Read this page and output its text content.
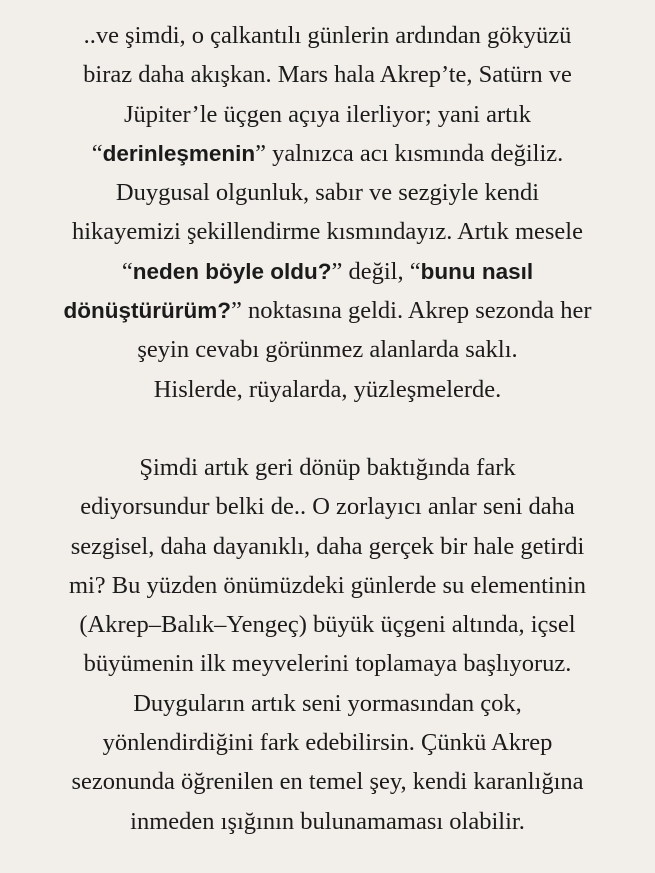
..ve şimdi, o çalkantılı günlerin ardından gökyüzü
biraz daha akışkan. Mars hala Akrep’te, Satürn ve
Jüpiter’le üçgen açıya ilerliyor; yani artık
“derinleşmenin” yalnızca acı kısmında değiliz.
Duygusal olgunluk, sabır ve sezgiyle kendi
hikayemizi şekillendirme kısmındayız. Artık mesele
“neden böyle oldu?” değil, “bunu nasıl
dönüştürürüm?” noktasına geldi. Akrep sezonda her
şeyin cevabı görünmez alanlarda saklı.
Hislerde, rüyalarda, yüzleşmelerde.
Şimdi artık geri dönüp baktığında fark
ediyorsundur belki de.. O zorlayıcı anlar seni daha
sezgisel, daha dayanıklı, daha gerçek bir hale getirdi
mi? Bu yüzden önümüzdeki günlerde su elementinin
(Akrep–Balık–Yengeç) büyük üçgeni altında, içsel
büyümenin ilk meyvelerini toplamaya başlıyoruz.
Duyguların artık seni yormasından çok,
yönlendirdiğini fark edebilirsin. Çünkü Akrep
sezonunda öğrenilen en temel şey, kendi karanlığına
inmeden ışığının bulunamaması olabilir.
